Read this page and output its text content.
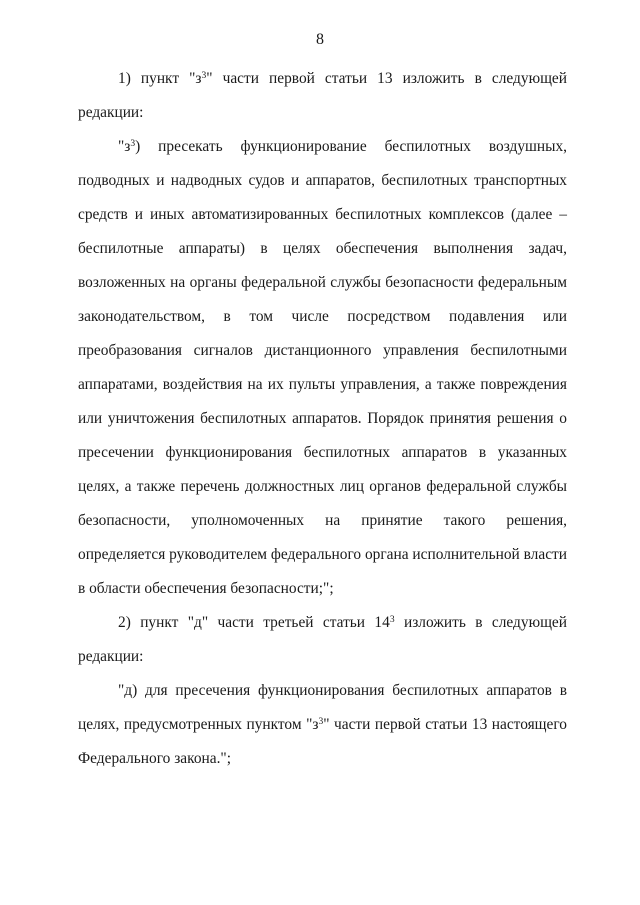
8

1) пункт "$з^3$" части первой статьи 13 изложить в следующей редакции:

"$з^3$) пресекать функционирование беспилотных воздушных, подводных и надводных судов и аппаратов, беспилотных транспортных средств и иных автоматизированных беспилотных комплексов (далее – беспилотные аппараты) в целях обеспечения выполнения задач, возложенных на органы федеральной службы безопасности федеральным законодательством, в том числе посредством подавления или преобразования сигналов дистанционного управления беспилотными аппаратами, воздействия на их пульты управления, а также повреждения или уничтожения беспилотных аппаратов. Порядок принятия решения о пресечении функционирования беспилотных аппаратов в указанных целях, а также перечень должностных лиц органов федеральной службы безопасности, уполномоченных на принятие такого решения, определяется руководителем федерального органа исполнительной власти в области обеспечения безопасности;";

2) пункт "д" части третьей статьи $14^3$ изложить в следующей редакции:

"д) для пресечения функционирования беспилотных аппаратов в целях, предусмотренных пунктом "$з^3$" части первой статьи 13 настоящего Федерального закона.";
